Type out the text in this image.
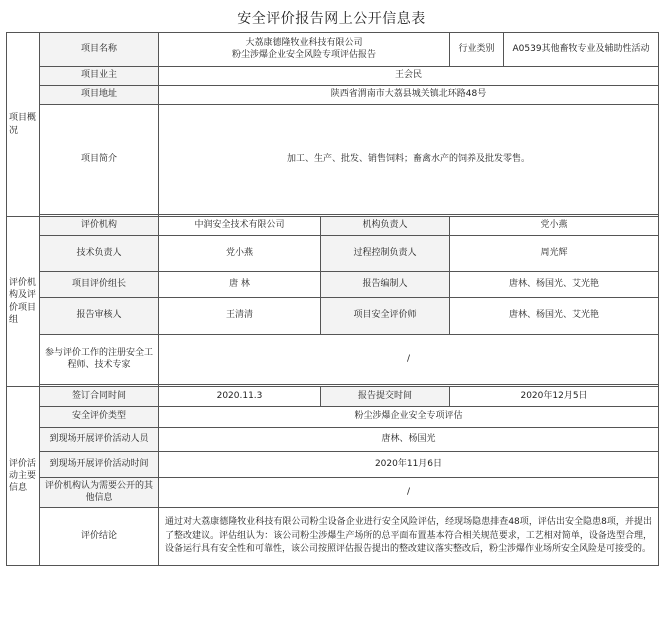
安全评价报告网上公开信息表
项目概况	项目名称	大荔康德隆牧业科技有限公司
粉尘涉爆企业安全风险专项评估报告		行业类别	A0539其他畜牧专业及辅助性活动
	项目业主	王会民			
	项目地址	陕西省渭南市大荔县城关镇北环路48号			
	项目简介	加工、生产、批发、销售饲料；畜禽水产的饲养及批发零售。			

评价机构及评价项目组	评价机构	中润安全技术有限公司	机构负责人	党小燕	
	技术负责人	党小燕	过程控制负责人	周光辉	
	项目评价组长	唐 林	报告编制人	唐林、杨国光、艾光艳	
	报告审核人	王清清	项目安全评价师	唐林、杨国光、艾光艳	
	参与评价工作的注册安全工程师、技术专家	/			

评价活动主要信息	签订合同时间	2020.11.3	报告提交时间	2020年12月5日	
	安全评价类型	粉尘涉爆企业安全专项评估			
	到现场开展评价活动人员	唐林、杨国光			
	到现场开展评价活动时间	2020年11月6日			
	评价机构认为需要公开的其他信息	/			
	评价结论	通过对大荔康德隆牧业科技有限公司粉尘设备企业进行安全风险评估，经现场隐患排查48项，评估出安全隐患8项，并提出了整改建议。评估组认为：该公司粉尘涉爆生产场所的总平面布置基本符合相关规范要求，工艺相对简单，设备选型合理，设备运行具有安全性和可靠性，该公司按照评估报告提出的整改建议落实整改后，粉尘涉爆作业场所安全风险是可接受的。			
